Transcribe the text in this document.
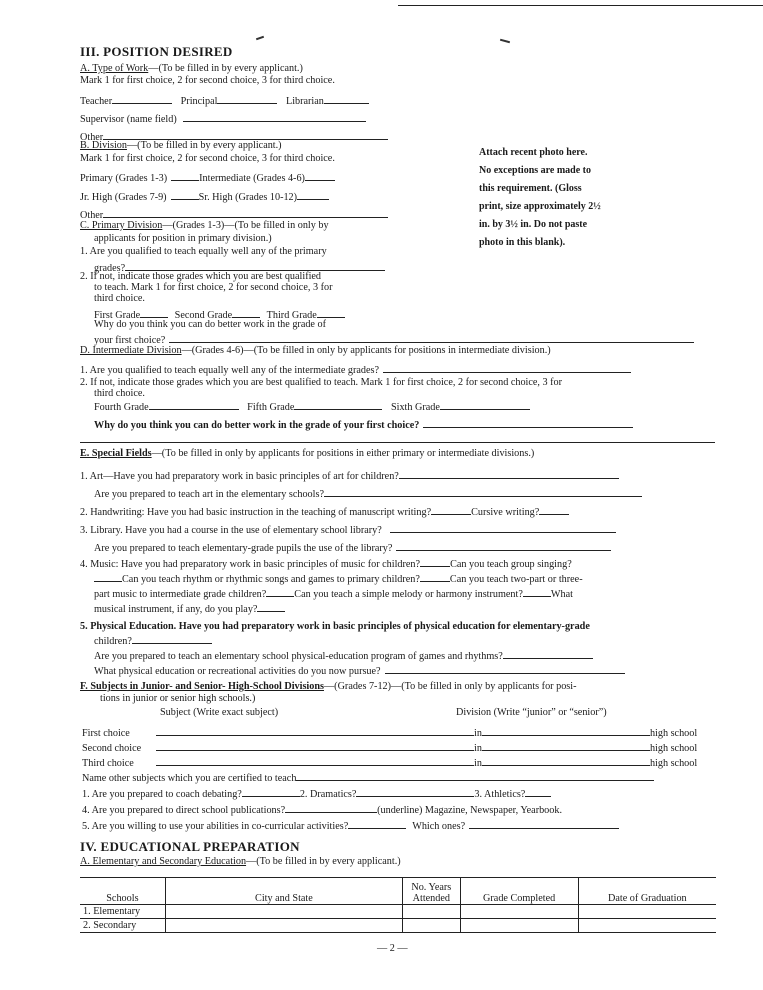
III. POSITION DESIRED
A. Type of Work—(To be filled in by every applicant.)
Mark 1 for first choice, 2 for second choice, 3 for third choice.
Teacher	Principal	Librarian
Supervisor (name field)
Other
B. Division—(To be filled in by every applicant.)
Mark 1 for first choice, 2 for second choice, 3 for third choice.
Primary (Grades 1-3)	Intermediate (Grades 4-6)
Jr. High (Grades 7-9)	Sr. High (Grades 10-12)
Other
C. Primary Division—(Grades 1-3)—(To be filled in only by
applicants for position in primary division.)
1. Are you qualified to teach equally well any of the primary
grades?
2. If not, indicate those grades which you are best qualified
to teach. Mark 1 for first choice, 2 for second choice, 3 for
third choice.
First Grade	Second Grade	Third Grade
Why do you think you can do better work in the grade of
your first choice?
Attach recent photo here.
No exceptions are made to
this requirement. (Gloss
print, size approximately 2½
in. by 3½ in. Do not paste
photo in this blank).
D. Intermediate Division—(Grades 4-6)—(To be filled in only by applicants for positions in intermediate division.)
1. Are you qualified to teach equally well any of the intermediate grades?
2. If not, indicate those grades which you are best qualified to teach. Mark 1 for first choice, 2 for second choice, 3 for
third choice.
Fourth Grade	Fifth Grade	Sixth Grade
Why do you think you can do better work in the grade of your first choice?
E. Special Fields—(To be filled in only by applicants for positions in either primary or intermediate divisions.)
1. Art—Have you had preparatory work in basic principles of art for children?
Are you prepared to teach art in the elementary schools?
2. Handwriting: Have you had basic instruction in the teaching of manuscript writing?	Cursive writing?
3. Library. Have you had a course in the use of elementary school library?
Are you prepared to teach elementary-grade pupils the use of the library?
4. Music: Have you had preparatory work in basic principles of music for children?	Can you teach group singing?
Can you teach rhythm or rhythmic songs and games to primary children?	Can you teach two-part or three-
part music to intermediate grade children?	Can you teach a simple melody or harmony instrument?	What
musical instrument, if any, do you play?
5. Physical Education. Have you had preparatory work in basic principles of physical education for elementary-grade
children?
Are you prepared to teach an elementary school physical-education program of games and rhythms?
What physical education or recreational activities do you now pursue?
F. Subjects in Junior- and Senior- High-School Divisions—(Grades 7-12)—(To be filled in only by applicants for posi-
tions in junior or senior high schools.)
Subject (Write exact subject)	Division (Write “junior” or “senior”)
First choice	in	high school
Second choice	in	high school
Third choice	in	high school
Name other subjects which you are certified to teach
1. Are you prepared to coach debating?	2. Dramatics?	3. Athletics?
4. Are you prepared to direct school publications?	(underline) Magazine, Newspaper, Yearbook.
5. Are you willing to use your abilities in co-curricular activities?	Which ones?
IV. EDUCATIONAL PREPARATION
A. Elementary and Secondary Education—(To be filled in by every applicant.)
Schools	City and State	No. Years Attended	Grade Completed	Date of Graduation
1. Elementary				
2. Secondary				
— 2 —
